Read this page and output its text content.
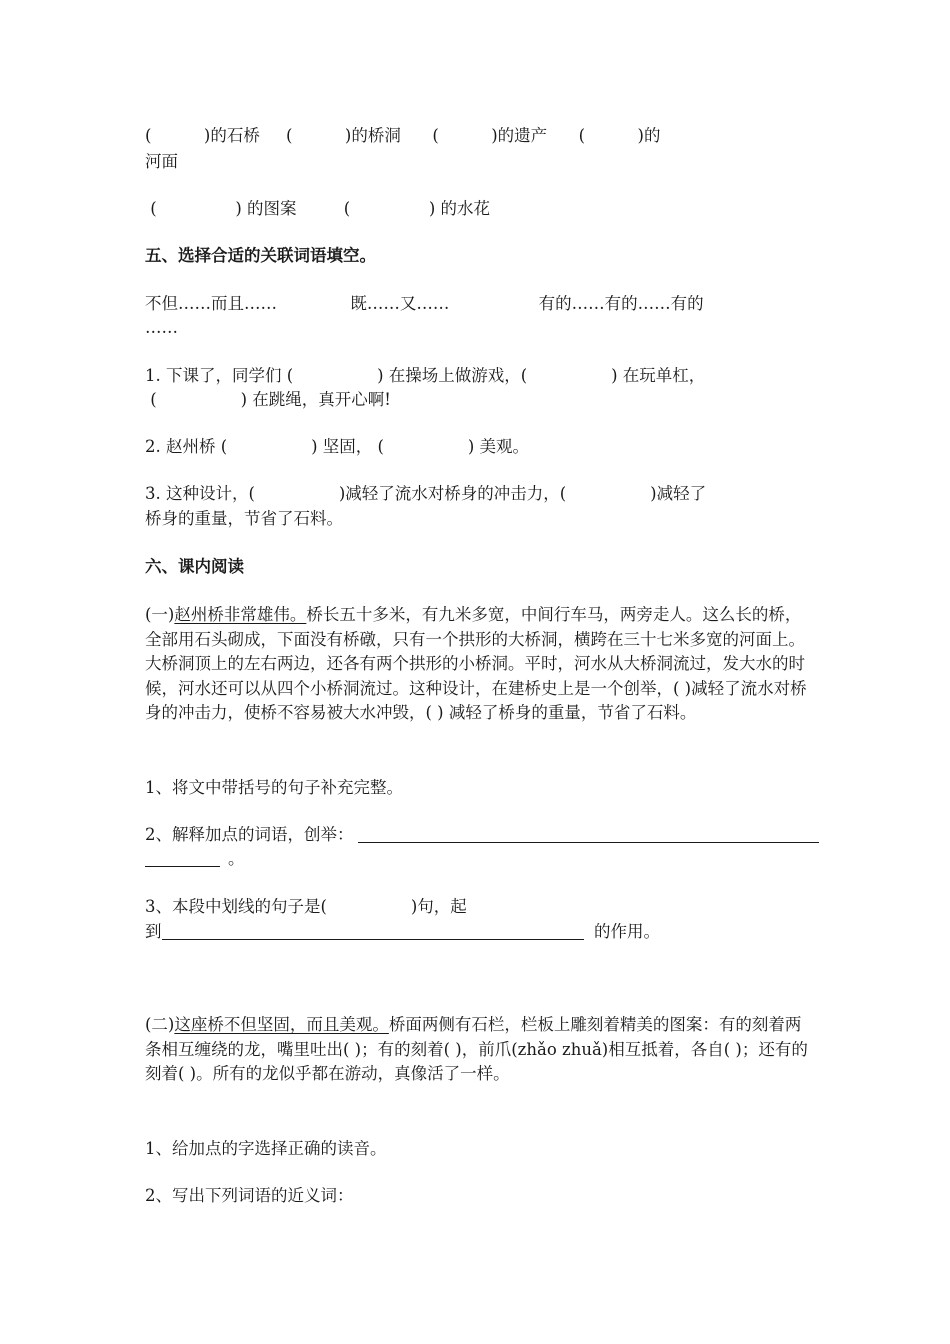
(          )的石桥     (          )的桥洞      (          )的遗产      (          )的
河面
(               ) 的图案         (               ) 的水花
五、选择合适的关联词语填空。
不但……而且……              既……又……                 有的……有的……有的
……
1. 下课了，同学们 (                ) 在操场上做游戏，(                ) 在玩单杠，
(                ) 在跳绳，真开心啊!
2. 赵州桥 (                ) 坚固， (                ) 美观。
3. 这种设计，(                )减轻了流水对桥身的冲击力，(                )减轻了
桥身的重量，节省了石料。
六、课内阅读
(一)赵州桥非常雄伟。桥长五十多米，有九米多宽，中间行车马，两旁走人。这么长的桥，全部用石头砌成，下面没有桥礅，只有一个拱形的大桥洞，横跨在三十七米多宽的河面上。大桥洞顶上的左右两边，还各有两个拱形的小桥洞。平时，河水从大桥洞流过，发大水的时候，河水还可以从四个小桥洞流过。这种设计，在建桥史上是一个创举，( )减轻了流水对桥身的冲击力，使桥不容易被大水冲毁，( ) 减轻了桥身的重量，节省了石料。
1、将文中带括号的句子补充完整。
2、解释加点的词语，创举：
。
3、本段中划线的句子是(                )句，起
到	的作用。
(二)这座桥不但坚固，而且美观。桥面两侧有石栏，栏板上雕刻着精美的图案：有的刻着两条相互缠绕的龙，嘴里吐出( )；有的刻着( )，前爪(zhǎo zhuǎ)相互抵着，各自( )；还有的刻着( )。所有的龙似乎都在游动，真像活了一样。
1、给加点的字选择正确的读音。
2、写出下列词语的近义词：
